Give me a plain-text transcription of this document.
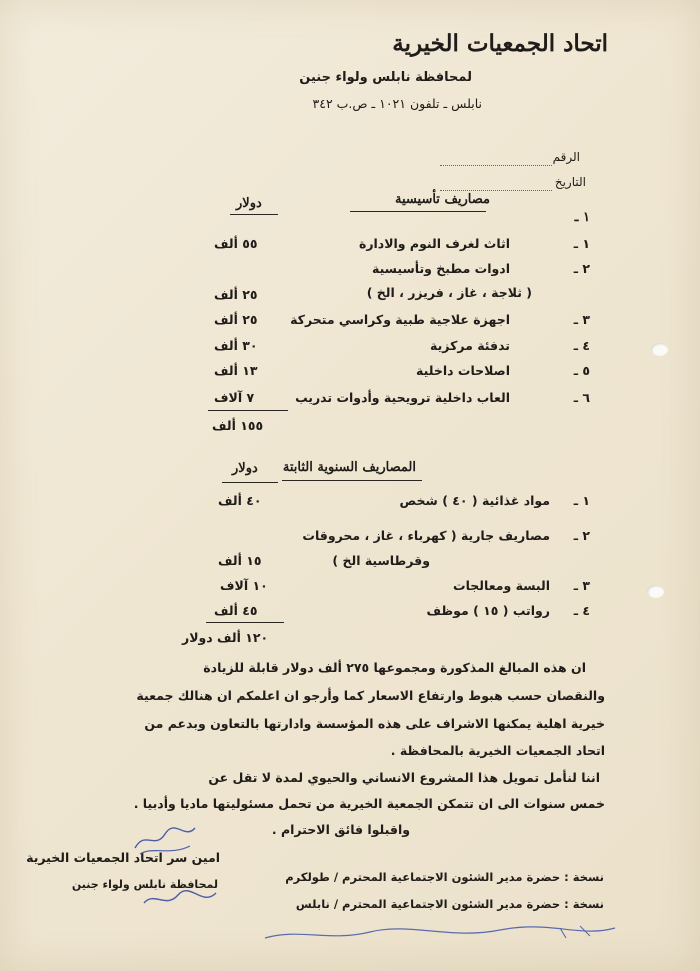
اتحاد الجمعيات الخيرية
لمحافظة نابلس ولواء جنين
نابلس ـ تلفون ١٠٢١ ـ ص.ب ٣٤٢
الرقم
التاريخ
١ ـ
مصاريف تأسيسية
دولار
١ ـ
اثاث لغرف النوم والادارة
٥٥ ألف
٢ ـ
ادوات مطبخ وتأسيسية
( ثلاجة ، غاز ، فريزر ، الخ )
٢٥ ألف
٣ ـ
اجهزة علاجية طبية وكراسي متحركة
٢٥ ألف
٤ ـ
تدفئة مركزية
٣٠ ألف
٥ ـ
اصلاحات داخلية
١٣ ألف
٦ ـ
العاب داخلية ترويحية وأدوات تدريب
٧ آلاف
١٥٥ ألف
المصاريف السنوية الثابتة
دولار
١ ـ
مواد غذائية ( ٤٠ ) شخص
٤٠ ألف
٢ ـ
مصاريف جارية ( كهرباء ، غاز ، محروقات
وقرطاسية الخ )
١٥ ألف
٣ ـ
البسة ومعالجات
١٠ آلاف
٤ ـ
رواتب ( ١٥ ) موظف
٤٥ ألف
١٢٠ ألف دولار
ان هذه المبالغ المذكورة ومجموعها ٢٧٥ ألف دولار قابلة للزيادة
والنقصان حسب هبوط وارتفاع الاسعار كما وأرجو ان اعلمكم ان هنالك جمعية
خيرية اهلية يمكنها الاشراف على هذه المؤسسة وادارتها بالتعاون وبدعم من
اتحاد الجمعيات الخيرية بالمحافظة .
اننا لنأمل تمويل هذا المشروع الانساني والحيوي لمدة لا تقل عن
خمس سنوات الى ان تتمكن الجمعية الخيرية من تحمل مسئوليتها ماديا وأدبيا .
واقبلوا فائق الاحترام .
امين سر اتحاد الجمعيات الخيرية
لمحافظة نابلس ولواء جنين
نسخة : حضرة مدير الشئون الاجتماعية المحترم / طولكرم
نسخة : حضرة مدير الشئون الاجتماعية المحترم / نابلس
